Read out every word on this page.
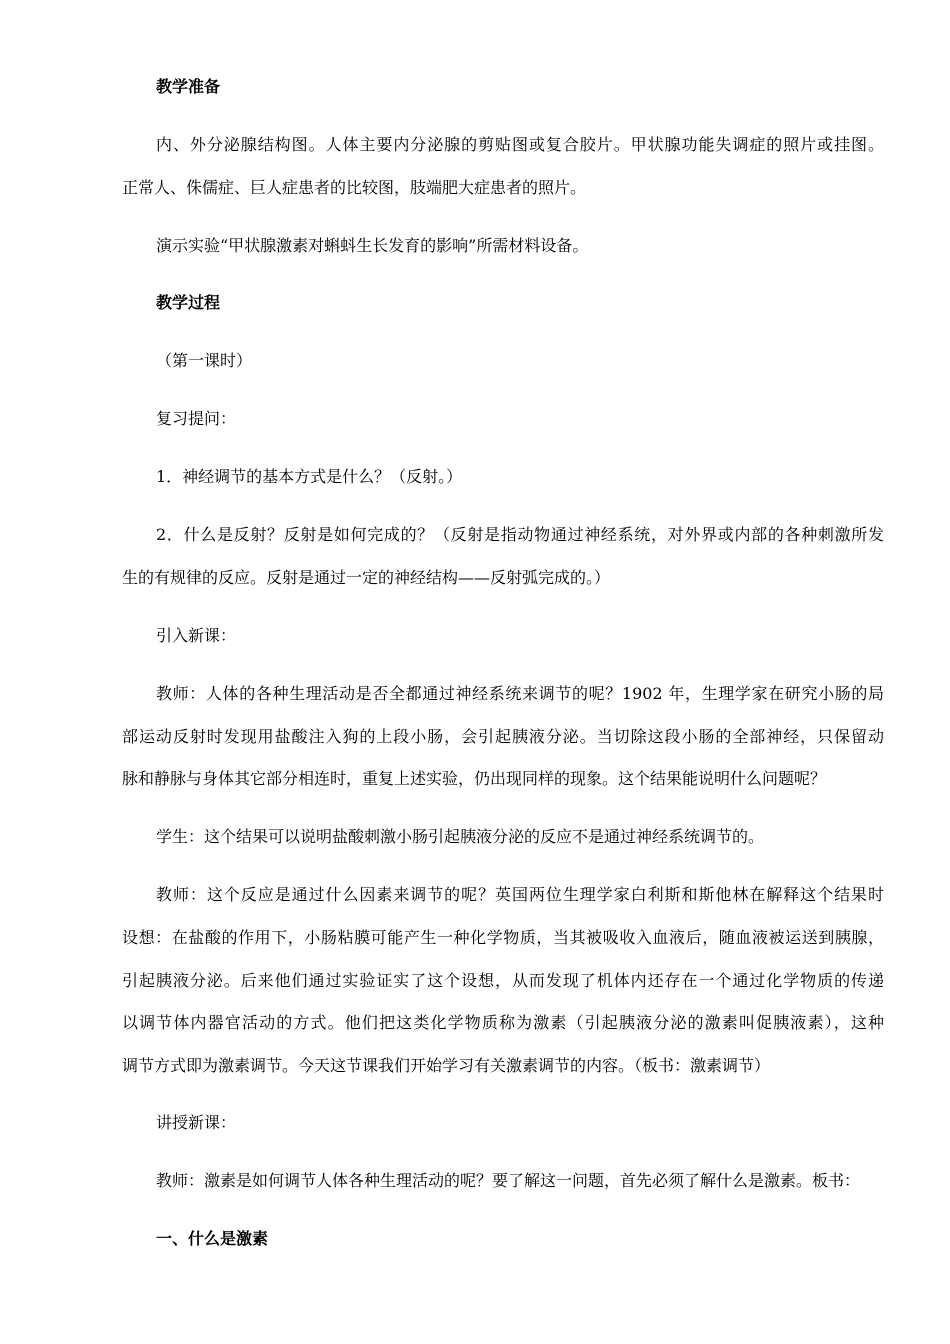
教学准备
内、外分泌腺结构图。人体主要内分泌腺的剪贴图或复合胶片。甲状腺功能失调症的照片或挂图。
正常人、侏儒症、巨人症患者的比较图，肢端肥大症患者的照片。
演示实验“甲状腺激素对蝌蚪生长发育的影响”所需材料设备。
教学过程
（第一课时）
复习提问：
1．神经调节的基本方式是什么？（反射。）
2．什么是反射？反射是如何完成的？（反射是指动物通过神经系统，对外界或内部的各种刺激所发
生的有规律的反应。反射是通过一定的神经结构——反射弧完成的。）
引入新课：
教师：人体的各种生理活动是否全都通过神经系统来调节的呢？1902 年，生理学家在研究小肠的局
部运动反射时发现用盐酸注入狗的上段小肠，会引起胰液分泌。当切除这段小肠的全部神经，只保留动
脉和静脉与身体其它部分相连时，重复上述实验，仍出现同样的现象。这个结果能说明什么问题呢？
学生：这个结果可以说明盐酸刺激小肠引起胰液分泌的反应不是通过神经系统调节的。
教师：这个反应是通过什么因素来调节的呢？英国两位生理学家白利斯和斯他林在解释这个结果时
设想：在盐酸的作用下，小肠粘膜可能产生一种化学物质，当其被吸收入血液后，随血液被运送到胰腺，
引起胰液分泌。后来他们通过实验证实了这个设想，从而发现了机体内还存在一个通过化学物质的传递
以调节体内器官活动的方式。他们把这类化学物质称为激素（引起胰液分泌的激素叫促胰液素），这种
调节方式即为激素调节。今天这节课我们开始学习有关激素调节的内容。（板书：激素调节）
讲授新课：
教师：激素是如何调节人体各种生理活动的呢？要了解这一问题，首先必须了解什么是激素。板书：
一、什么是激素
